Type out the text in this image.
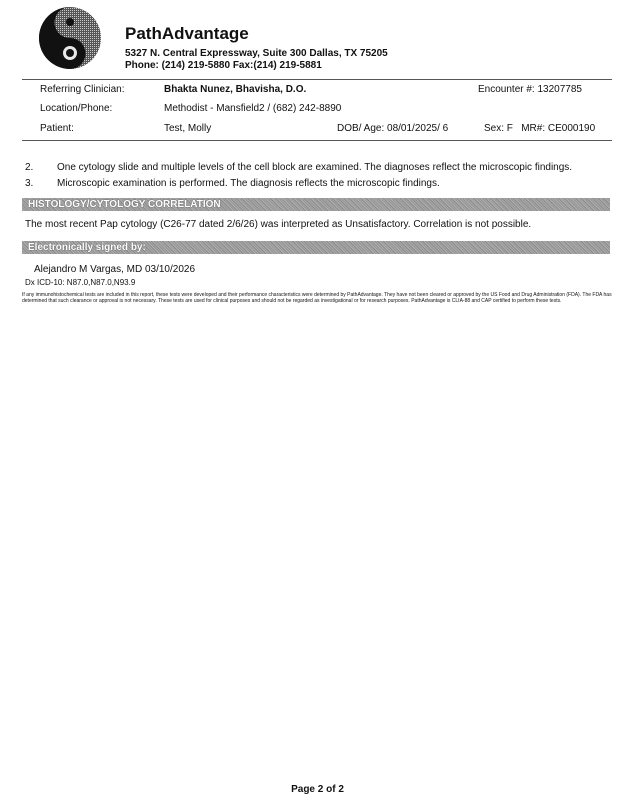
PathAdvantage
5327 N. Central Expressway, Suite 300 Dallas, TX 75205
Phone: (214) 219-5880 Fax:(214) 219-5881
Referring Clinician:	Bhakta Nunez, Bhavisha, D.O.	Encounter #: 13207785
Location/Phone:	Methodist - Mansfield2 / (682) 242-8890
Patient:	Test, Molly	DOB/ Age: 08/01/2025/ 6	Sex: F   MR#: CE000190
2. One cytology slide and multiple levels of the cell block are examined. The diagnoses reflect the microscopic findings.
3. Microscopic examination is performed. The diagnosis reflects the microscopic findings.
HISTOLOGY/CYTOLOGY CORRELATION
The most recent Pap cytology (C26-77 dated 2/6/26) was interpreted as Unsatisfactory. Correlation is not possible.
Electronically signed by:
Alejandro M Vargas, MD 03/10/2026
Dx ICD-10: N87.0,N87.0,N93.9
If any immunohistochemical tests are included in this report, these tests were developed and their performance characteristics were determined by PathAdvantage. They have not been cleared or approved by the US Food and Drug Administration (FDA). The FDA has determined that such clearance or approval is not necessary. These tests are used for clinical purposes and should not be regarded as investigational or for research purposes. PathAdvantage is CLIA-88 and CAP certified to perform these tests.
Page 2 of 2
